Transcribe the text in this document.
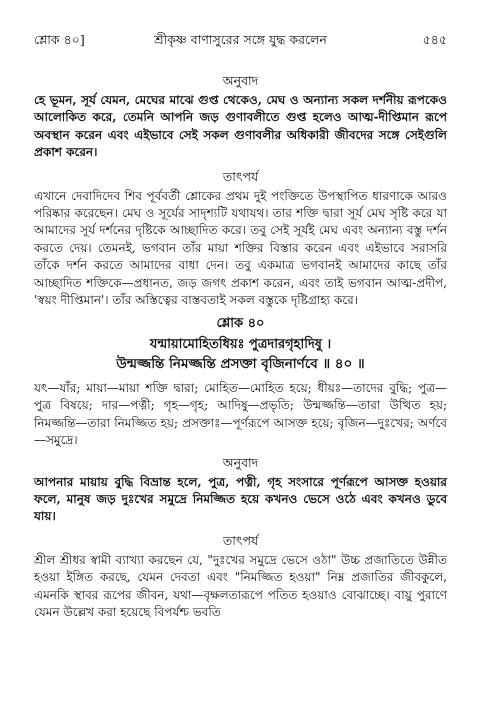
শ্লোক ৪০]	শ্রীকৃষ্ণ বাণাসুরের সঙ্গে যুদ্ধ করলেন	৫৪৫
অনুবাদ

হে ভূমন, সূর্য যেমন, মেঘের মাঝে গুপ্ত থেকেও, মেঘ ও অন্যান্য সকল দর্শনীয় রূপকেও আলোকিত করে, তেমনি আপনি জড় গুণাবলীতে গুপ্ত হলেও আত্ম-দীপ্তিমান রূপে অবস্থান করেন এবং এইভাবে সেই সকল গুণাবলীর অধিকারী জীবদের সঙ্গে সেইগুলি প্রকাশ করেন।

তাৎপর্য

এখানে দেবাদিদেব শিব পূর্ববর্তী শ্লোকের প্রথম দুই পংক্তিতে উপস্থাপিত ধারণাকে আরও পরিষ্কার করেছেন। মেঘ ও সূর্যের সাদৃশ্যটি যথাযথ। তার শক্তি দ্বারা সূর্য মেঘ সৃষ্টি করে যা আমাদের সূর্য দর্শনের দৃষ্টিকে আচ্ছাদিত করে। তবু সেই সূর্যই মেঘ এবং অন্যান্য বস্তু দর্শন করতে দেয়। তেমনই, ভগবান তাঁর মায়া শক্তির বিস্তার করেন এবং এইভাবে সরাসরি তাঁকে দর্শন করতে আমাদের বাধা দেন। তবু একমাত্র ভগবানই আমাদের কাছে তাঁর আচ্ছাদিত শক্তিকে—প্রধানত, জড় জগৎ প্রকাশ করেন, এবং তাই ভগবান আত্ম-প্রদীপ, 'স্বয়ং দীপ্তিমান'। তাঁর অস্তিত্বের বাস্তবতাই সকল বস্তুকে দৃষ্টিগ্রাহ্য করে।

শ্লোক ৪০
যন্মায়ামোহিতধিয়ঃ পুত্রদারগৃহাদিষু ।
উন্মজ্জন্তি নিমজ্জন্তি প্রসক্তা বৃজিনার্ণবে ॥ ৪০ ॥

যৎ—যাঁর; মায়া—মায়া শক্তি দ্বারা; মোহিত—মোহিত হয়ে; ধীয়ঃ—তাদের বুদ্ধি; পুত্র—পুত্র বিষয়ে; দার—পত্নী; গৃহ—গৃহ; আদিষু—প্রভৃতি; উন্মজ্জন্তি—তারা উত্থিত হয়; নিমজ্জন্তি—তারা নিমজ্জিত হয়; প্রসক্তাঃ—পূর্ণরূপে আসক্ত হয়ে; বৃজিন—দুঃখের; অর্ণবে—সমুদ্রে।

অনুবাদ

আপনার মায়ায় বুদ্ধি বিভ্রান্ত হলে, পুত্র, পত্নী, গৃহ সংসারে পূর্ণরূপে আসক্ত হওয়ার ফলে, মানুষ জড় দুঃখের সমুদ্রে নিমজ্জিত হয়ে কখনও ভেসে ওঠে এবং কখনও ডুবে যায়।

তাৎপর্য

শ্রীল শ্রীধর স্বামী ব্যাখ্যা করছেন যে, "দুঃখের সমুদ্রে ভেসে ওঠা" উচ্চ প্রজাতিতে উন্নীত হওয়া ইঙ্গিত করছে, যেমন দেবতা এবং "নিমজ্জিত হওয়া" নিম্ন প্রজাতির জীবকুলে, এমনকি স্থাবর রূপের জীবন, যথা—বৃক্ষলতারূপে পতিত হওয়াও বোঝাচ্ছে। বায়ু পুরাণে যেমন উল্লেখ করা হয়েছে বিপর্যশ্চ ভবতি
